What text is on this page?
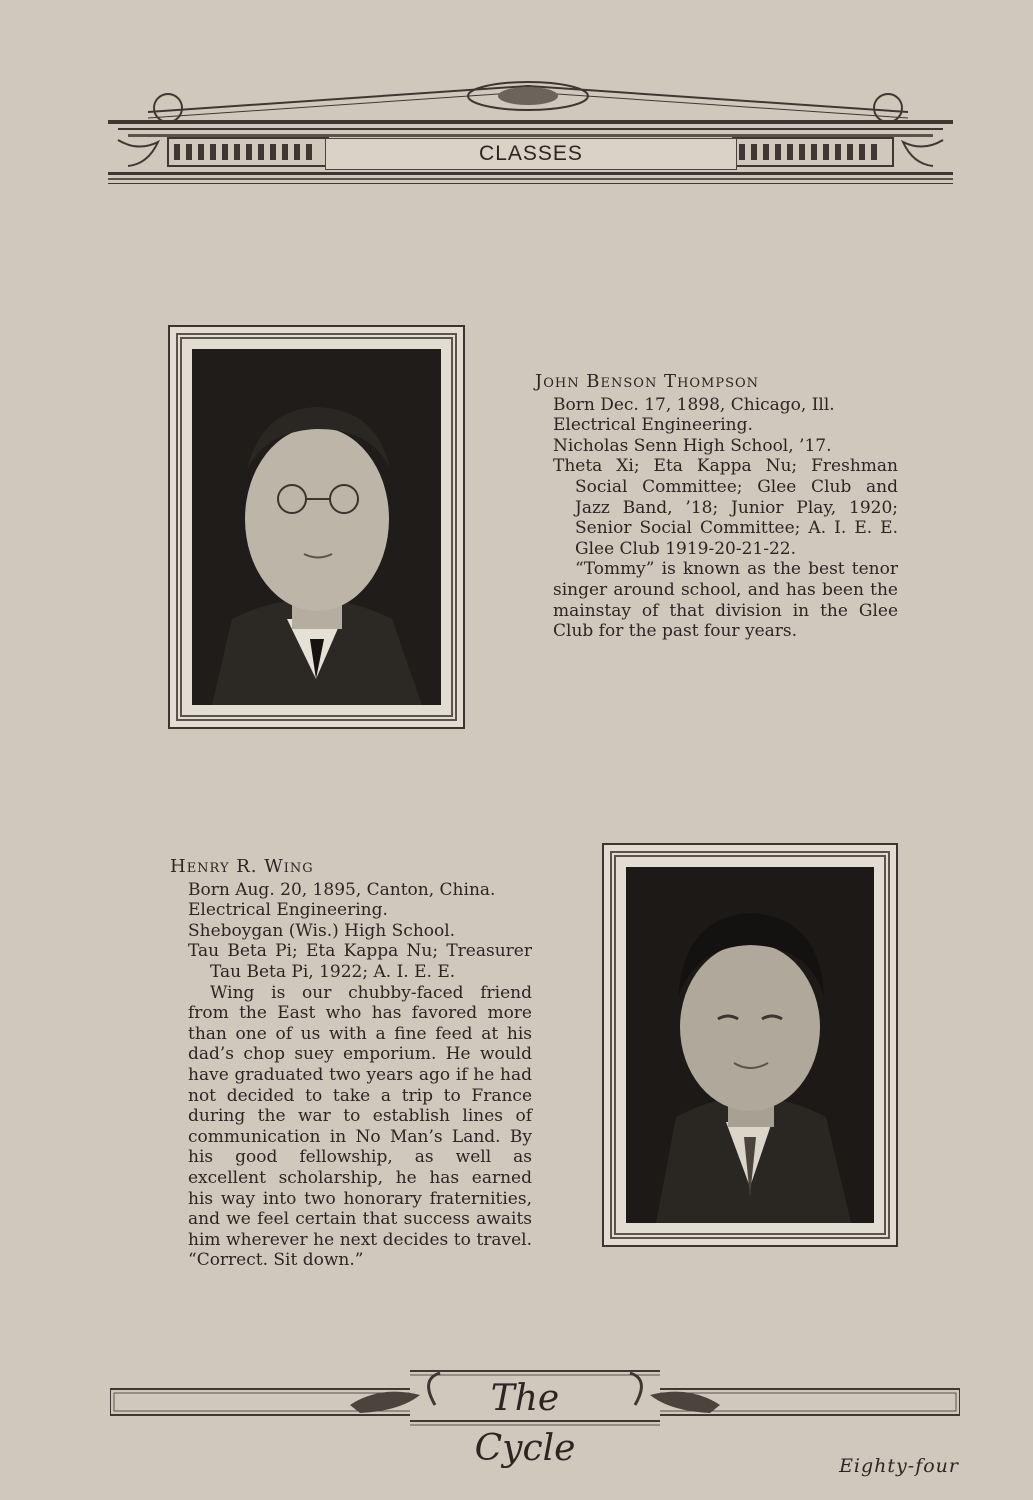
CLASSES
John Benson Thompson
Born Dec. 17, 1898, Chicago, Ill.
Electrical Engineering.
Nicholas Senn High School, ’17.
Theta Xi; Eta Kappa Nu; Freshman Social Committee; Glee Club and Jazz Band, ’18; Junior Play, 1920; Senior Social Committee; A. I. E. E. Glee Club 1919-20-21-22.
“Tommy” is known as the best tenor singer around school, and has been the mainstay of that division in the Glee Club for the past four years.
Henry R. Wing
Born Aug. 20, 1895, Canton, China.
Electrical Engineering.
Sheboygan (Wis.) High School.
Tau Beta Pi; Eta Kappa Nu; Treasurer Tau Beta Pi, 1922; A. I. E. E.
Wing is our chubby-faced friend from the East who has favored more than one of us with a fine feed at his dad’s chop suey emporium. He would have graduated two years ago if he had not decided to take a trip to France during the war to establish lines of communication in No Man’s Land. By his good fellowship, as well as excellent scholarship, he has earned his way into two honorary fraternities, and we feel certain that success awaits him wherever he next decides to travel. “Correct. Sit down.”
The Cycle	Eighty-four
